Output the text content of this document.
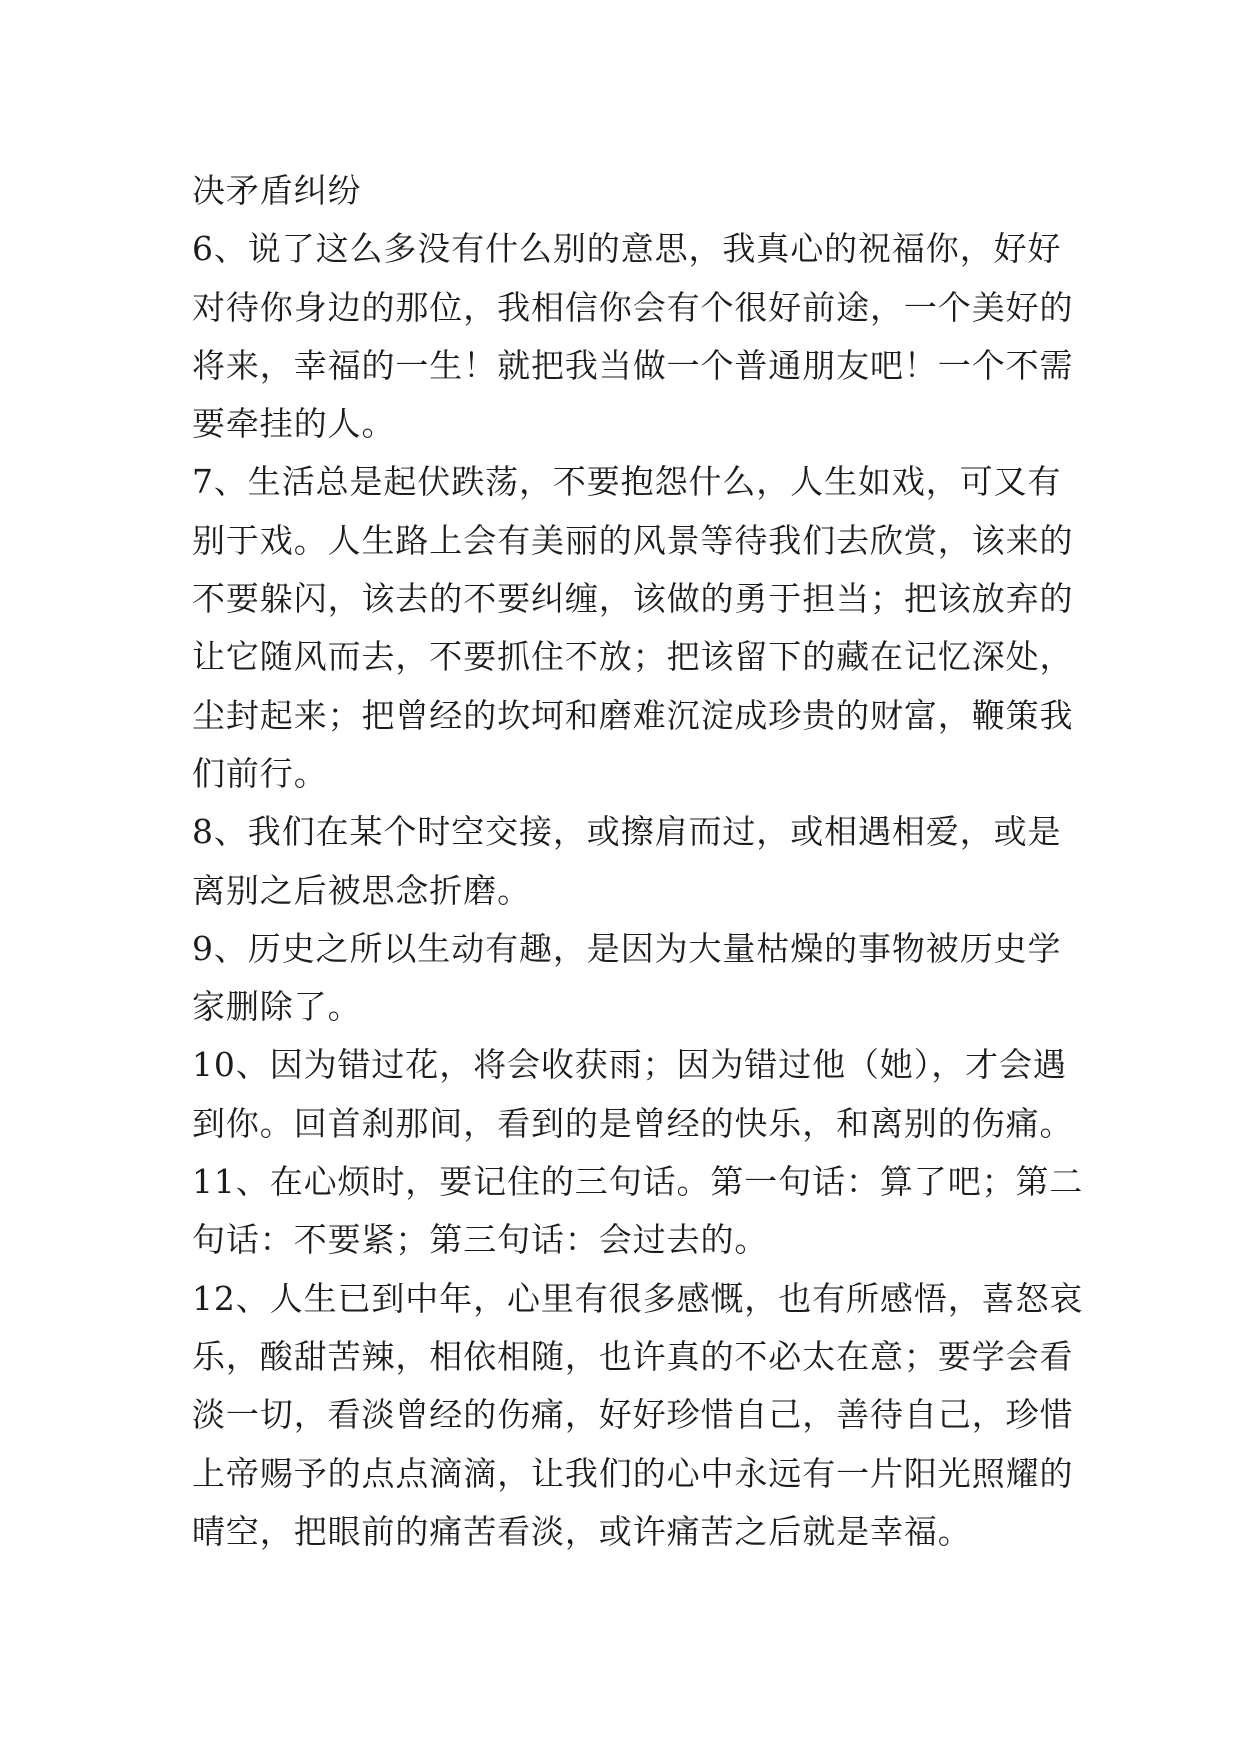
决矛盾纠纷
6、说了这么多没有什么别的意思，我真心的祝福你，好好
对待你身边的那位，我相信你会有个很好前途，一个美好的
将来，幸福的一生！就把我当做一个普通朋友吧！一个不需
要牵挂的人。
7、生活总是起伏跌荡，不要抱怨什么，人生如戏，可又有
别于戏。人生路上会有美丽的风景等待我们去欣赏，该来的
不要躲闪，该去的不要纠缠，该做的勇于担当；把该放弃的
让它随风而去，不要抓住不放；把该留下的藏在记忆深处，
尘封起来；把曾经的坎坷和磨难沉淀成珍贵的财富，鞭策我
们前行。
8、我们在某个时空交接，或擦肩而过，或相遇相爱，或是
离别之后被思念折磨。
9、历史之所以生动有趣，是因为大量枯燥的事物被历史学
家删除了。
10、因为错过花，将会收获雨；因为错过他（她），才会遇
到你。回首刹那间，看到的是曾经的快乐，和离别的伤痛。
11、在心烦时，要记住的三句话。第一句话：算了吧；第二
句话：不要紧；第三句话：会过去的。
12、人生已到中年，心里有很多感慨，也有所感悟，喜怒哀
乐，酸甜苦辣，相依相随，也许真的不必太在意；要学会看
淡一切，看淡曾经的伤痛，好好珍惜自己，善待自己，珍惜
上帝赐予的点点滴滴，让我们的心中永远有一片阳光照耀的
晴空，把眼前的痛苦看淡，或许痛苦之后就是幸福。
